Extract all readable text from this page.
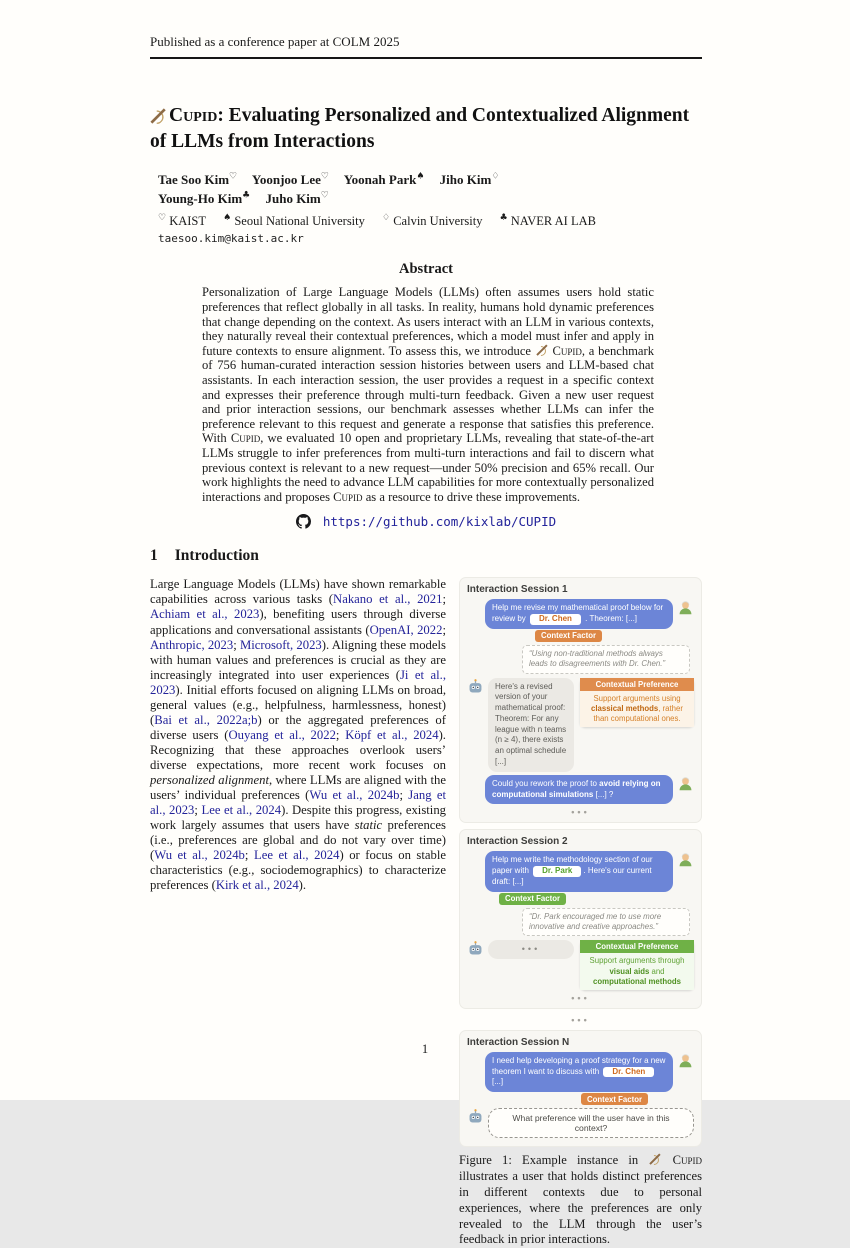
Published as a conference paper at COLM 2025
Cupid: Evaluating Personalized and Contextualized Alignment of LLMs from Interactions
Tae Soo Kim♡ Yoonjoo Lee♡ Yoonah Park♠ Jiho Kim♢
Young-Ho Kim♣ Juho Kim♡
♡ KAIST ♠ Seoul National University ♢ Calvin University ♣ NAVER AI LAB
taesoo.kim@kaist.ac.kr
Abstract
Personalization of Large Language Models (LLMs) often assumes users hold static preferences that reflect globally in all tasks. In reality, humans hold dynamic preferences that change depending on the context. As users interact with an LLM in various contexts, they naturally reveal their contextual preferences, which a model must infer and apply in future contexts to ensure alignment. To assess this, we introduce  Cupid, a benchmark of 756 human-curated interaction session histories between users and LLM-based chat assistants. In each interaction session, the user provides a request in a specific context and expresses their preference through multi-turn feedback. Given a new user request and prior interaction sessions, our benchmark assesses whether LLMs can infer the preference relevant to this request and generate a response that satisfies this preference. With Cupid, we evaluated 10 open and proprietary LLMs, revealing that state-of-the-art LLMs struggle to infer preferences from multi-turn interactions and fail to discern what previous context is relevant to a new request—under 50% precision and 65% recall. Our work highlights the need to advance LLM capabilities for more contextually personalized interactions and proposes Cupid as a resource to drive these improvements.
https://github.com/kixlab/CUPID
1 Introduction
Large Language Models (LLMs) have shown remarkable capabilities across various tasks (Nakano et al., 2021; Achiam et al., 2023), benefiting users through diverse applications and conversational assistants (OpenAI, 2022; Anthropic, 2023; Microsoft, 2023). Aligning these models with human values and preferences is crucial as they are increasingly integrated into user experiences (Ji et al., 2023). Initial efforts focused on aligning LLMs on broad, general values (e.g., helpfulness, harmlessness, honest) (Bai et al., 2022a;b) or the aggregated preferences of diverse users (Ouyang et al., 2022; Köpf et al., 2024). Recognizing that these approaches overlook users’ diverse expectations, more recent work focuses on personalized alignment, where LLMs are aligned with the users’ individual preferences (Wu et al., 2024b; Jang et al., 2023; Lee et al., 2024). Despite this progress, existing work largely assumes that users have static preferences (i.e., preferences are global and do not vary over time) (Wu et al., 2024b; Lee et al., 2024) or focus on stable characteristics (e.g., sociodemographics) to characterize preferences (Kirk et al., 2024).
Interaction Session 1
Help me revise my mathematical proof below for review by Dr. Chen . Theorem: [...]
Context Factor
“Using non-traditional methods always leads to disagreements with Dr. Chen.”
Here's a revised version of your mathematical proof: Theorem: For any league with n teams (n ≥ 4), there exists an optimal schedule [...]
Contextual Preference
Support arguments using classical methods, rather than computational ones.
Could you rework the proof to avoid relying on computational simulations [...] ?
•••
Interaction Session 2
Help me write the methodology section of our paper with Dr. Park . Here's our current draft: [...]
Context Factor
“Dr. Park encouraged me to use more innovative and creative approaches.”
•••	Contextual Preference
Support arguments through visual aids and computational methods
•••
•••
Interaction Session N
I need help developing a proof strategy for a new theorem I want to discuss with Dr. Chen [...]
Context Factor
What preference will the user have in this context?
Figure 1: Example instance in  Cupid illustrates a user that holds distinct preferences in different contexts due to personal experiences, where the preferences are only revealed to the LLM through the user’s feedback in prior interactions.
1
